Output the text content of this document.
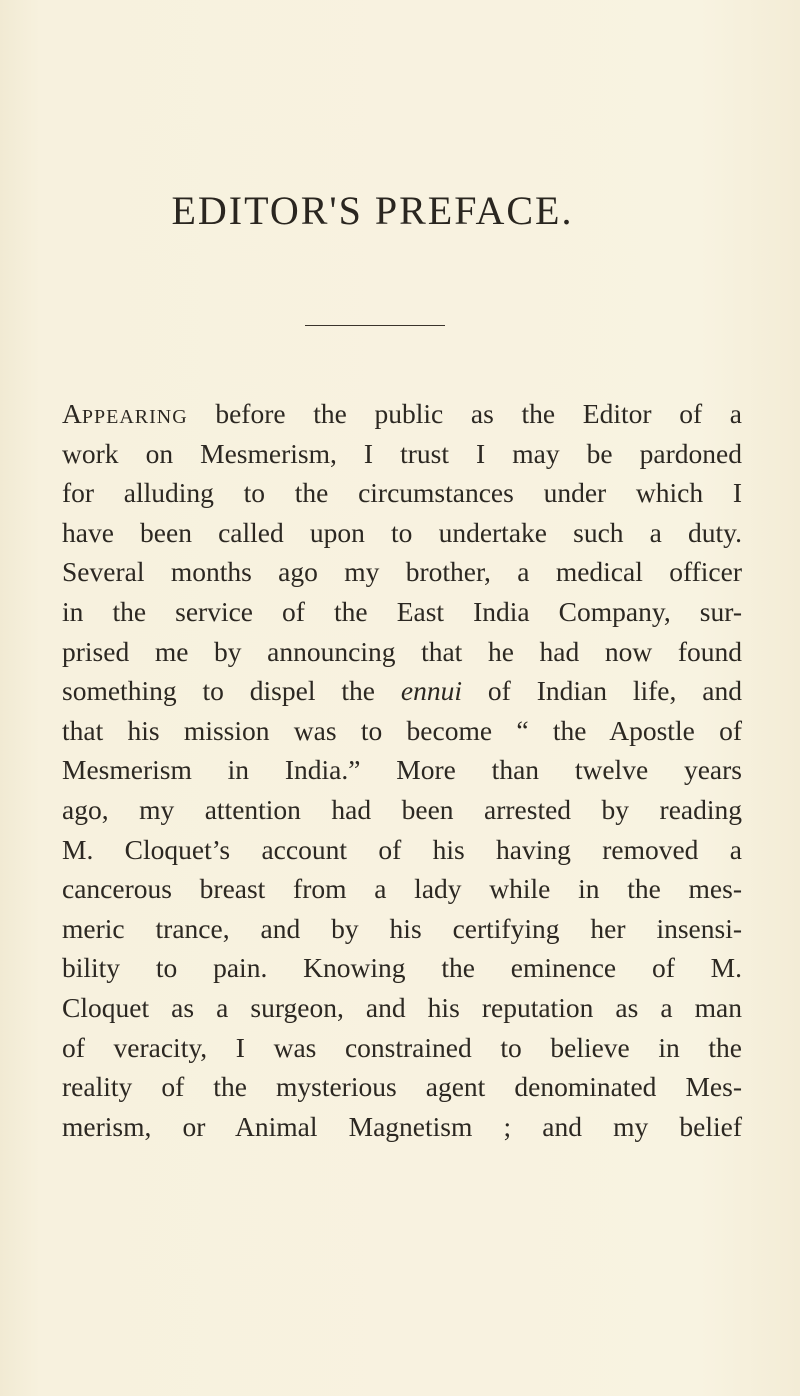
EDITOR'S PREFACE.
APPEARING before the public as the Editor of a
work on Mesmerism, I trust I may be pardoned
for alluding to the circumstances under which I
have been called upon to undertake such a duty.
Several months ago my brother, a medical officer
in the service of the East India Company, sur-
prised me by announcing that he had now found
something to dispel the ennui of Indian life, and
that his mission was to become “ the Apostle of
Mesmerism in India.” More than twelve years
ago, my attention had been arrested by reading
M. Cloquet’s account of his having removed a
cancerous breast from a lady while in the mes-
meric trance, and by his certifying her insensi-
bility to pain. Knowing the eminence of M.
Cloquet as a surgeon, and his reputation as a man
of veracity, I was constrained to believe in the
reality of the mysterious agent denominated Mes-
merism, or Animal Magnetism ; and my belief
